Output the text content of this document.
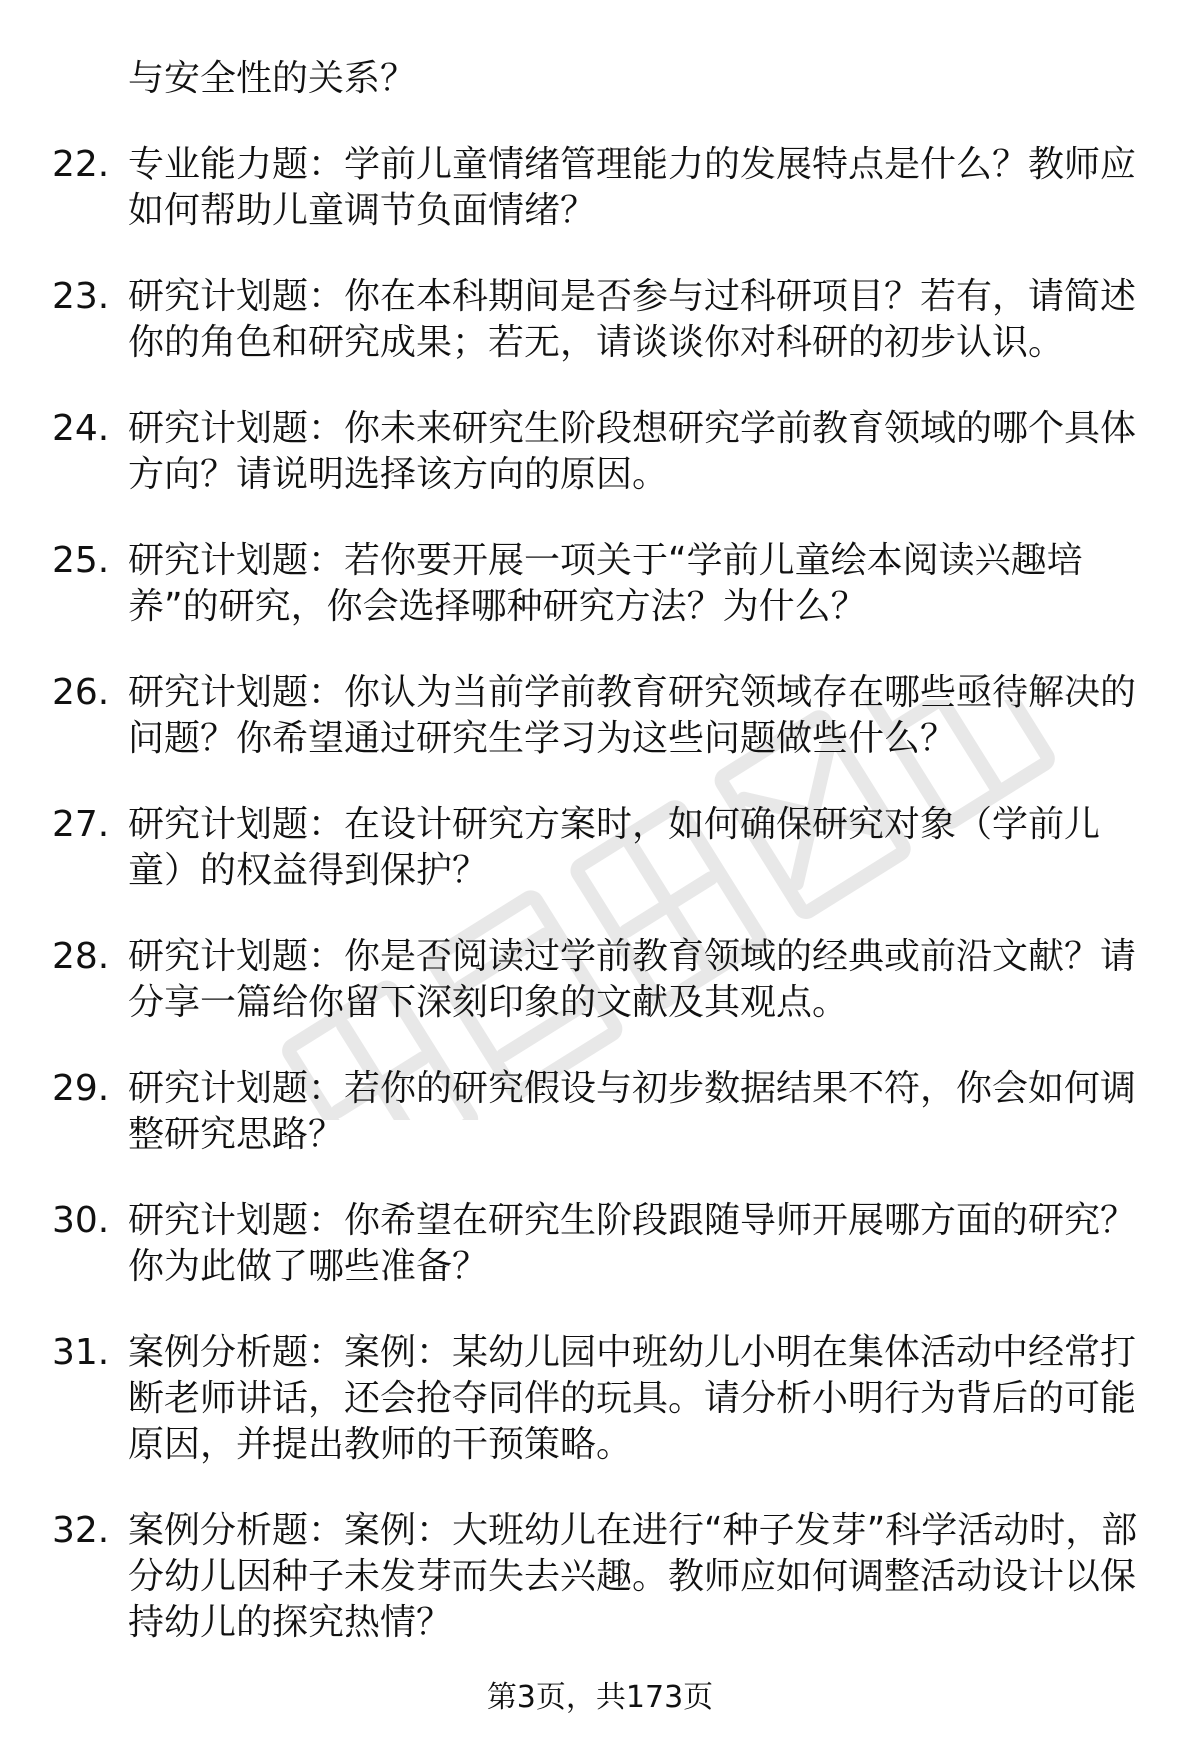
与安全性的关系？
22. 专业能力题：学前儿童情绪管理能力的发展特点是什么？教师应如何帮助儿童调节负面情绪？
23. 研究计划题：你在本科期间是否参与过科研项目？若有，请简述你的角色和研究成果；若无，请谈谈你对科研的初步认识。
24. 研究计划题：你未来研究生阶段想研究学前教育领域的哪个具体方向？请说明选择该方向的原因。
25. 研究计划题：若你要开展一项关于“学前儿童绘本阅读兴趣培养”的研究，你会选择哪种研究方法？为什么？
26. 研究计划题：你认为当前学前教育研究领域存在哪些亟待解决的问题？你希望通过研究生学习为这些问题做些什么？
27. 研究计划题：在设计研究方案时，如何确保研究对象（学前儿童）的权益得到保护？
28. 研究计划题：你是否阅读过学前教育领域的经典或前沿文献？请分享一篇给你留下深刻印象的文献及其观点。
29. 研究计划题：若你的研究假设与初步数据结果不符，你会如何调整研究思路？
30. 研究计划题：你希望在研究生阶段跟随导师开展哪方面的研究？你为此做了哪些准备？
31. 案例分析题：案例：某幼儿园中班幼儿小明在集体活动中经常打断老师讲话，还会抢夺同伴的玩具。请分析小明行为背后的可能原因，并提出教师的干预策略。
32. 案例分析题：案例：大班幼儿在进行“种子发芽”科学活动时，部分幼儿因种子未发芽而失去兴趣。教师应如何调整活动设计以保持幼儿的探究热情？
第3页，共173页
